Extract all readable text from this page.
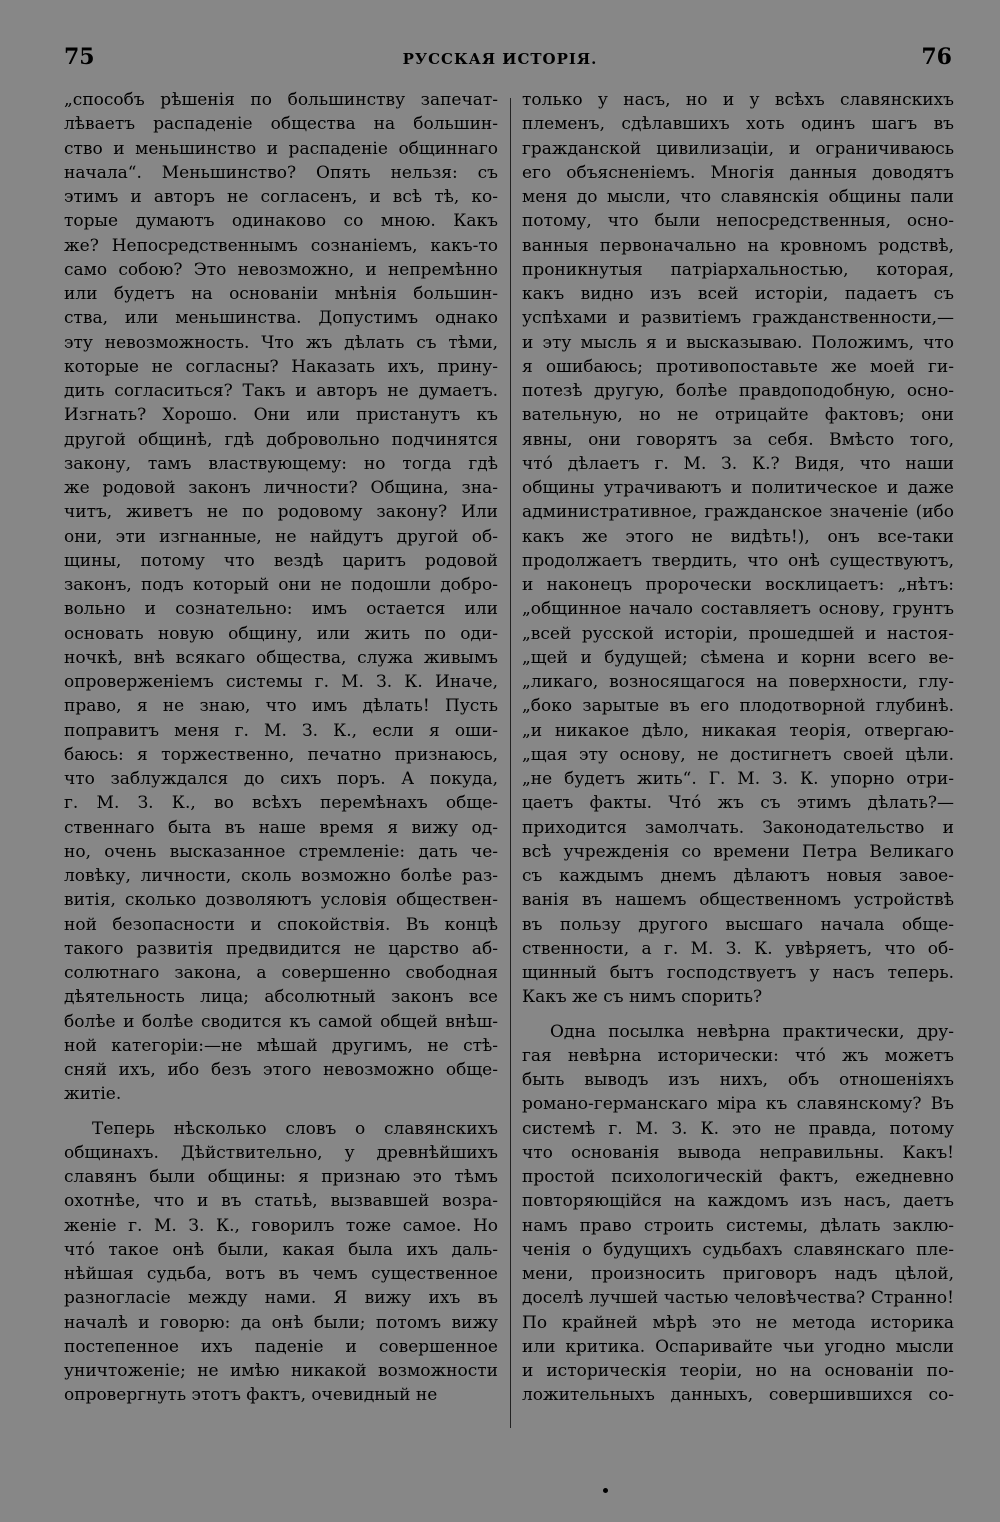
75	РУССКАЯ ИСТОРІЯ.	76
„способъ рѣшенія по большинству запечат-
лѣваетъ распаденіе общества на большин-
ство и меньшинство и распаденіе общиннаго
начала“. Меньшинство? Опять нельзя: съ
этимъ и авторъ не согласенъ, и всѣ тѣ, ко-
торые думаютъ одинаково со мною. Какъ
же? Непосредственнымъ сознаніемъ, какъ-то
само собою? Это невозможно, и непремѣнно
или будетъ на основаніи мнѣнія большин-
ства, или меньшинства. Допустимъ однако
эту невозможность. Что жъ дѣлать съ тѣми,
которые не согласны? Наказать ихъ, прину-
дить согласиться? Такъ и авторъ не думаетъ.
Изгнать? Хорошо. Они или пристанутъ къ
другой общинѣ, гдѣ добровольно подчинятся
закону, тамъ властвующему: но тогда гдѣ
же родовой законъ личности? Община, зна-
читъ, живетъ не по родовому закону? Или
они, эти изгнанные, не найдутъ другой об-
щины, потому что вездѣ царитъ родовой
законъ, подъ который они не подошли добро-
вольно и сознательно: имъ остается или
основать новую общину, или жить по оди-
ночкѣ, внѣ всякаго общества, служа живымъ
опроверженіемъ системы г. М. З. К. Иначе,
право, я не знаю, что имъ дѣлать! Пусть
поправитъ меня г. М. З. К., если я оши-
баюсь: я торжественно, печатно признаюсь,
что заблуждался до сихъ поръ. А покуда,
г. М. З. К., во всѣхъ перемѣнахъ обще-
ственнаго быта въ наше время я вижу од-
но, очень высказанное стремленіе: дать че-
ловѣку, личности, сколь возможно болѣе раз-
витія, сколько дозволяютъ условія обществен-
ной безопасности и спокойствія. Въ концѣ
такого развитія предвидится не царство аб-
солютнаго закона, а совершенно свободная
дѣятельность лица; абсолютный законъ все
болѣе и болѣе сводится къ самой общей внѣш-
ной категоріи:—не мѣшай другимъ, не стѣ-
сняй ихъ, ибо безъ этого невозможно обще-
житіе.
Теперь нѣсколько словъ о славянскихъ
общинахъ. Дѣйствительно, у древнѣйшихъ
славянъ были общины: я признаю это тѣмъ
охотнѣе, что и въ статьѣ, вызвавшей возра-
женіе г. М. З. К., говорилъ тоже самое. Но
что́ такое онѣ были, какая была ихъ даль-
нѣйшая судьба, вотъ въ чемъ существенное
разногласіе между нами. Я вижу ихъ въ
началѣ и говорю: да онѣ были; потомъ вижу
постепенное ихъ паденіе и совершенное
уничтоженіе; не имѣю никакой возможности
опровергнуть этотъ фактъ, очевидный не
только у насъ, но и у всѣхъ славянскихъ
племенъ, сдѣлавшихъ хоть одинъ шагъ въ
гражданской цивилизаціи, и ограничиваюсь
его объясненіемъ. Многія данныя доводятъ
меня до мысли, что славянскія общины пали
потому, что были непосредственныя, осно-
ванныя первоначально на кровномъ родствѣ,
проникнутыя патріархальностью, которая,
какъ видно изъ всей исторіи, падаетъ съ
успѣхами и развитіемъ гражданственности,—
и эту мысль я и высказываю. Положимъ, что
я ошибаюсь; противопоставьте же моей ги-
потезѣ другую, болѣе правдоподобную, осно-
вательную, но не отрицайте фактовъ; они
явны, они говорятъ за себя. Вмѣсто того,
что́ дѣлаетъ г. М. З. К.? Видя, что наши
общины утрачиваютъ и политическое и даже
административное, гражданское значеніе (ибо
какъ же этого не видѣть!), онъ все-таки
продолжаетъ твердить, что онѣ существуютъ,
и наконецъ пророчески восклицаетъ: „нѣтъ:
„общинное начало составляетъ основу, грунтъ
„всей русской исторіи, прошедшей и настоя-
„щей и будущей; сѣмена и корни всего ве-
„ликаго, возносящагося на поверхности, глу-
„боко зарытые въ его плодотворной глубинѣ.
„и никакое дѣло, никакая теорія, отвергаю-
„щая эту основу, не достигнетъ своей цѣли.
„не будетъ жить“. Г. М. З. К. упорно отри-
цаетъ факты. Что́ жъ съ этимъ дѣлать?—
приходится замолчать. Законодательство и
всѣ учрежденія со времени Петра Великаго
съ каждымъ днемъ дѣлаютъ новыя завоe-
ванія въ нашемъ общественномъ устройствѣ
въ пользу другого высшаго начала обще-
ственности, а г. М. З. К. увѣряетъ, что об-
щинный бытъ господствуетъ у насъ теперь.
Какъ же съ нимъ спорить?
Одна посылка невѣрна практически, дру-
гая невѣрна исторически: что́ жъ можетъ
быть выводъ изъ нихъ, объ отношеніяхъ
романо-германскаго міра къ славянскому? Въ
системѣ г. М. З. К. это не правда, потому
что основанія вывода неправильны. Какъ!
простой психологическій фактъ, ежедневно
повторяющійся на каждомъ изъ насъ, даетъ
намъ право строить системы, дѣлать заклю-
ченія о будущихъ судьбахъ славянскаго пле-
мени, произносить приговоръ надъ цѣлой,
доселѣ лучшей частью человѣчества? Странно!
По крайней мѣрѣ это не метода историка
или критика. Оспаривайте чьи угодно мысли
и историческія теоріи, но на основаніи по-
ложительныхъ данныхъ, совершившихся со-
